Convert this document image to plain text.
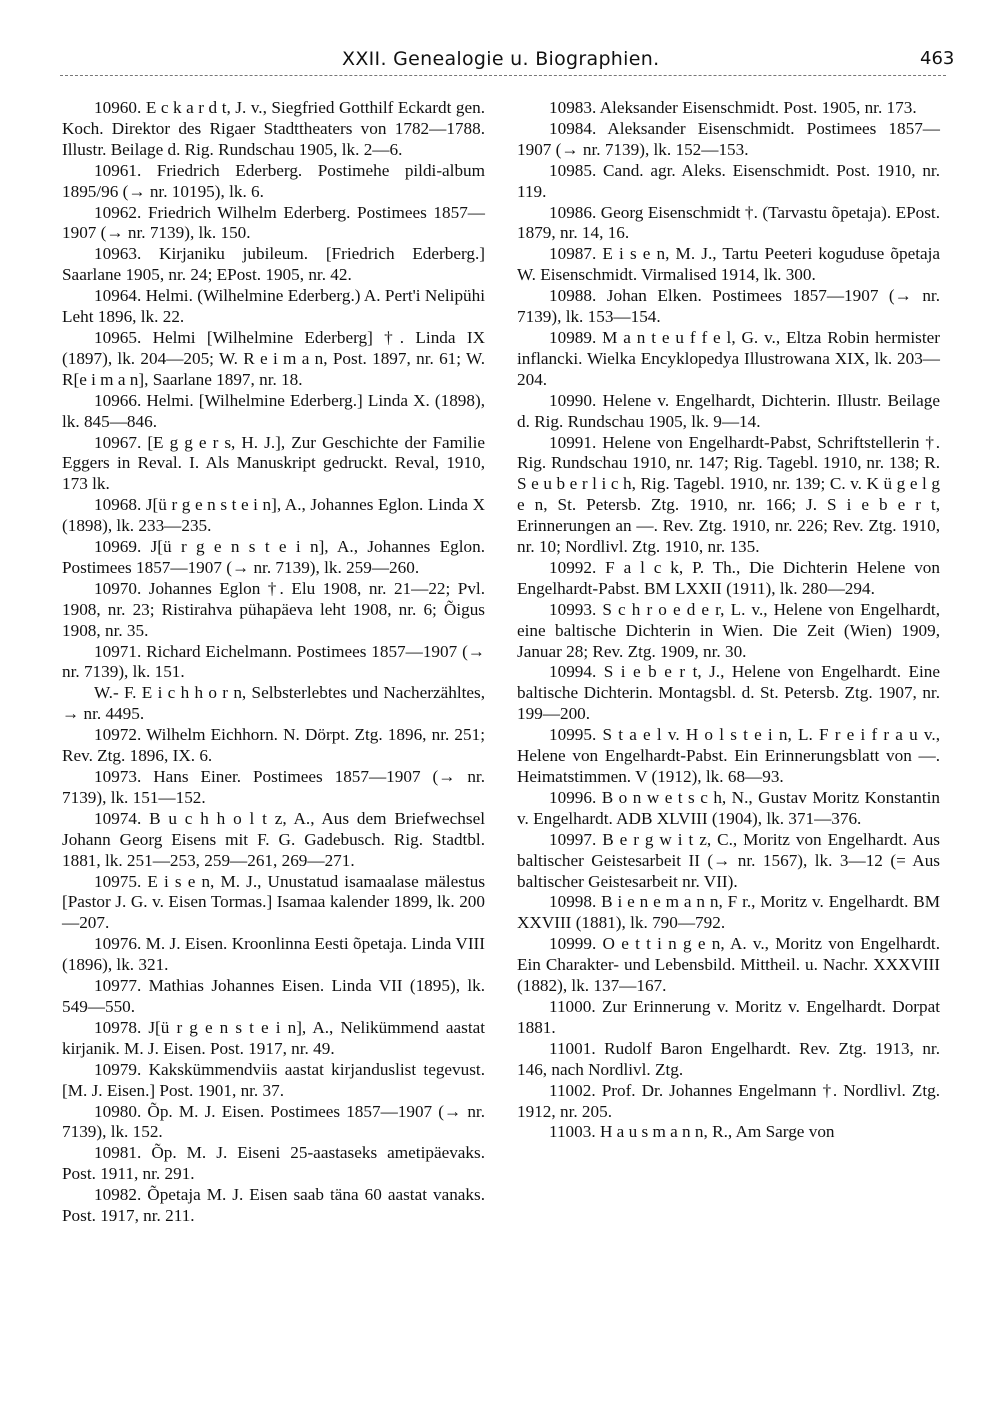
XXII. Genealogie u. Biographien.	463

10960. E c k a r d t, J. v., Siegfried Gotthilf Eckardt gen. Koch. Direktor des Rigaer Stadttheaters von 1782—1788. Illustr. Beilage d. Rig. Rundschau 1905, lk. 2—6.

10961. Friedrich Ederberg. Postimehe pildi-album 1895/96 (→ nr. 10195), lk. 6.

10962. Friedrich Wilhelm Ederberg. Postimees 1857—1907 (→ nr. 7139), lk. 150.

10963. Kirjaniku jubileum. [Friedrich Ederberg.] Saarlane 1905, nr. 24; EPost. 1905, nr. 42.

10964. Helmi. (Wilhelmine Ederberg.) A. Pert'i Nelipühi Leht 1896, lk. 22.

10965. Helmi [Wilhelmine Ederberg] †. Linda IX (1897), lk. 204—205; W. R e i m a n, Post. 1897, nr. 61; W. R[e i m a n], Saarlane 1897, nr. 18.

10966. Helmi. [Wilhelmine Ederberg.] Linda X. (1898), lk. 845—846.

10967. [E g g e r s, H. J.], Zur Geschichte der Familie Eggers in Reval. I. Als Manuskript gedruckt. Reval, 1910, 173 lk.

10968. J[ü r g e n s t e i n], A., Johannes Eglon. Linda X (1898), lk. 233—235.

10969. J[ü r g e n s t e i n], A., Johannes Eglon. Postimees 1857—1907 (→ nr. 7139), lk. 259—260.

10970. Johannes Eglon †. Elu 1908, nr. 21—22; Pvl. 1908, nr. 23; Ristirahva pühapäeva leht 1908, nr. 6; Õigus 1908, nr. 35.

10971. Richard Eichelmann. Postimees 1857—1907 (→ nr. 7139), lk. 151.

W.- F. E i c h h o r n, Selbsterlebtes und Nacherzähltes, → nr. 4495.

10972. Wilhelm Eichhorn. N. Dörpt. Ztg. 1896, nr. 251; Rev. Ztg. 1896, IX. 6.

10973. Hans Einer. Postimees 1857—1907 (→ nr. 7139), lk. 151—152.

10974. B u c h h o l t z, A., Aus dem Briefwechsel Johann Georg Eisens mit F. G. Gadebusch. Rig. Stadtbl. 1881, lk. 251—253, 259—261, 269—271.

10975. E i s e n, M. J., Unustatud isamaalase mälestus [Pastor J. G. v. Eisen Tormas.] Isamaa kalender 1899, lk. 200—207.

10976. M. J. Eisen. Kroonlinna Eesti õpetaja. Linda VIII (1896), lk. 321.

10977. Mathias Johannes Eisen. Linda VII (1895), lk. 549—550.

10978. J[ü r g e n s t e i n], A., Nelikümmend aastat kirjanik. M. J. Eisen. Post. 1917, nr. 49.

10979. Kakskümmendviis aastat kirjanduslist tegevust. [M. J. Eisen.] Post. 1901, nr. 37.

10980. Õp. M. J. Eisen. Postimees 1857—1907 (→ nr. 7139), lk. 152.

10981. Õp. M. J. Eiseni 25-aastaseks ametipäevaks. Post. 1911, nr. 291.

10982. Õpetaja M. J. Eisen saab täna 60 aastat vanaks. Post. 1917, nr. 211.

10983. Aleksander Eisenschmidt. Post. 1905, nr. 173.

10984. Aleksander Eisenschmidt. Postimees 1857—1907 (→ nr. 7139), lk. 152—153.

10985. Cand. agr. Aleks. Eisenschmidt. Post. 1910, nr. 119.

10986. Georg Eisenschmidt †. (Tarvastu õpetaja). EPost. 1879, nr. 14, 16.

10987. E i s e n, M. J., Tartu Peeteri koguduse õpetaja W. Eisenschmidt. Virmalised 1914, lk. 300.

10988. Johan Elken. Postimees 1857—1907 (→ nr. 7139), lk. 153—154.

10989. M a n t e u f f e l, G. v., Eltza Robin hermister inflancki. Wielka Encyklopedya Illustrowana XIX, lk. 203—204.

10990. Helene v. Engelhardt, Dichterin. Illustr. Beilage d. Rig. Rundschau 1905, lk. 9—14.

10991. Helene von Engelhardt-Pabst, Schriftstellerin †. Rig. Rundschau 1910, nr. 147; Rig. Tagebl. 1910, nr. 138; R. S e u b e r l i c h, Rig. Tagebl. 1910, nr. 139; C. v. K ü g e l g e n, St. Petersb. Ztg. 1910, nr. 166; J. S i e b e r t, Erinnerungen an —. Rev. Ztg. 1910, nr. 226; Rev. Ztg. 1910, nr. 10; Nordlivl. Ztg. 1910, nr. 135.

10992. F a l c k, P. Th., Die Dichterin Helene von Engelhardt-Pabst. BM LXXII (1911), lk. 280—294.

10993. S c h r o e d e r, L. v., Helene von Engelhardt, eine baltische Dichterin in Wien. Die Zeit (Wien) 1909, Januar 28; Rev. Ztg. 1909, nr. 30.

10994. S i e b e r t, J., Helene von Engelhardt. Eine baltische Dichterin. Montagsbl. d. St. Petersb. Ztg. 1907, nr. 199—200.

10995. S t a e l v. H o l s t e i n, L. F r e i f r a u v., Helene von Engelhardt-Pabst. Ein Erinnerungsblatt von —. Heimatstimmen. V (1912), lk. 68—93.

10996. B o n w e t s c h, N., Gustav Moritz Konstantin v. Engelhardt. ADB XLVIII (1904), lk. 371—376.

10997. B e r g w i t z, C., Moritz von Engelhardt. Aus baltischer Geistesarbeit II (→ nr. 1567), lk. 3—12 (= Aus baltischer Geistesarbeit nr. VII).

10998. B i e n e m a n n, F r., Moritz v. Engelhardt. BM XXVIII (1881), lk. 790—792.

10999. O e t t i n g e n, A. v., Moritz von Engelhardt. Ein Charakter- und Lebensbild. Mittheil. u. Nachr. XXXVIII (1882), lk. 137—167.

11000. Zur Erinnerung v. Moritz v. Engelhardt. Dorpat 1881.

11001. Rudolf Baron Engelhardt. Rev. Ztg. 1913, nr. 146, nach Nordlivl. Ztg.

11002. Prof. Dr. Johannes Engelmann †. Nordlivl. Ztg. 1912, nr. 205.

11003. H a u s m a n n, R., Am Sarge von
